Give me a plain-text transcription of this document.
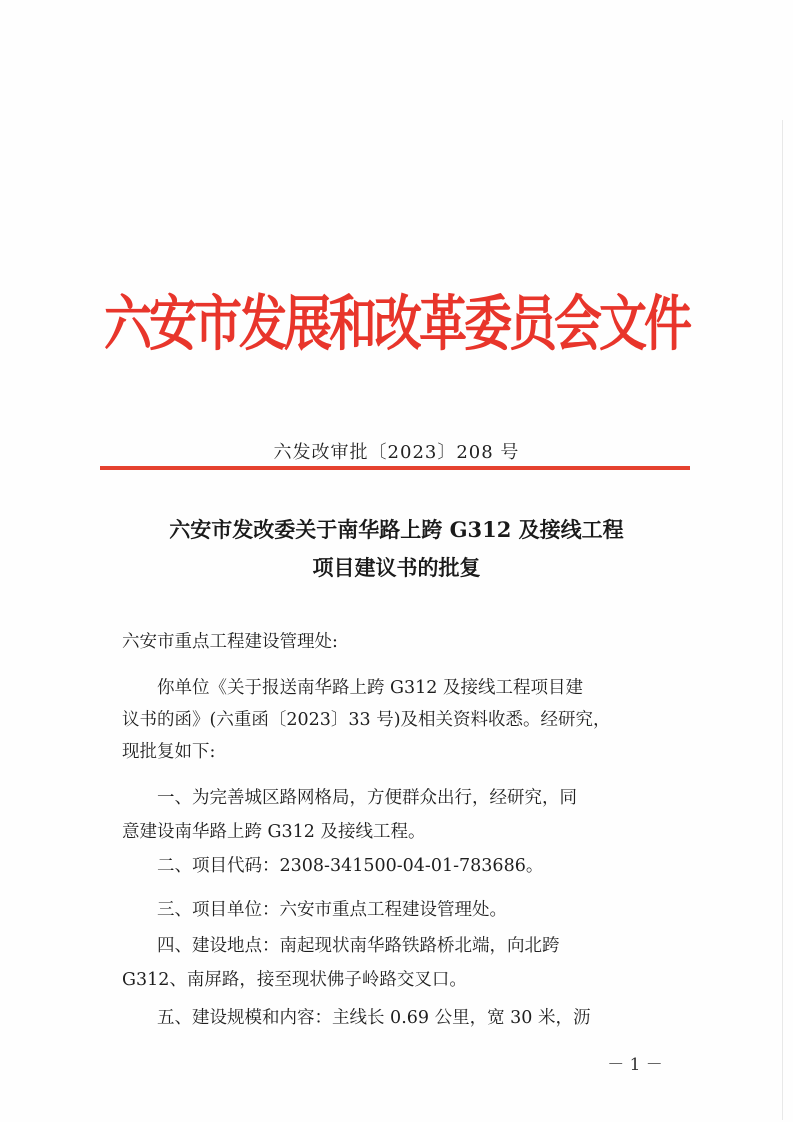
六安市发展和改革委员会文件
六发改审批〔2023〕208 号
六安市发改委关于南华路上跨 G312 及接线工程
项目建议书的批复
六安市重点工程建设管理处:
　　你单位《关于报送南华路上跨 G312 及接线工程项目建
议书的函》(六重函〔2023〕33 号)及相关资料收悉。经研究，
现批复如下:
　　一、为完善城区路网格局，方便群众出行，经研究，同
意建设南华路上跨 G312 及接线工程。
　　二、项目代码：2308-341500-04-01-783686。
　　三、项目单位：六安市重点工程建设管理处。
　　四、建设地点：南起现状南华路铁路桥北端，向北跨
G312、南屏路，接至现状佛子岭路交叉口。
　　五、建设规模和内容：主线长 0.69 公里，宽 30 米，沥
－ 1 －
